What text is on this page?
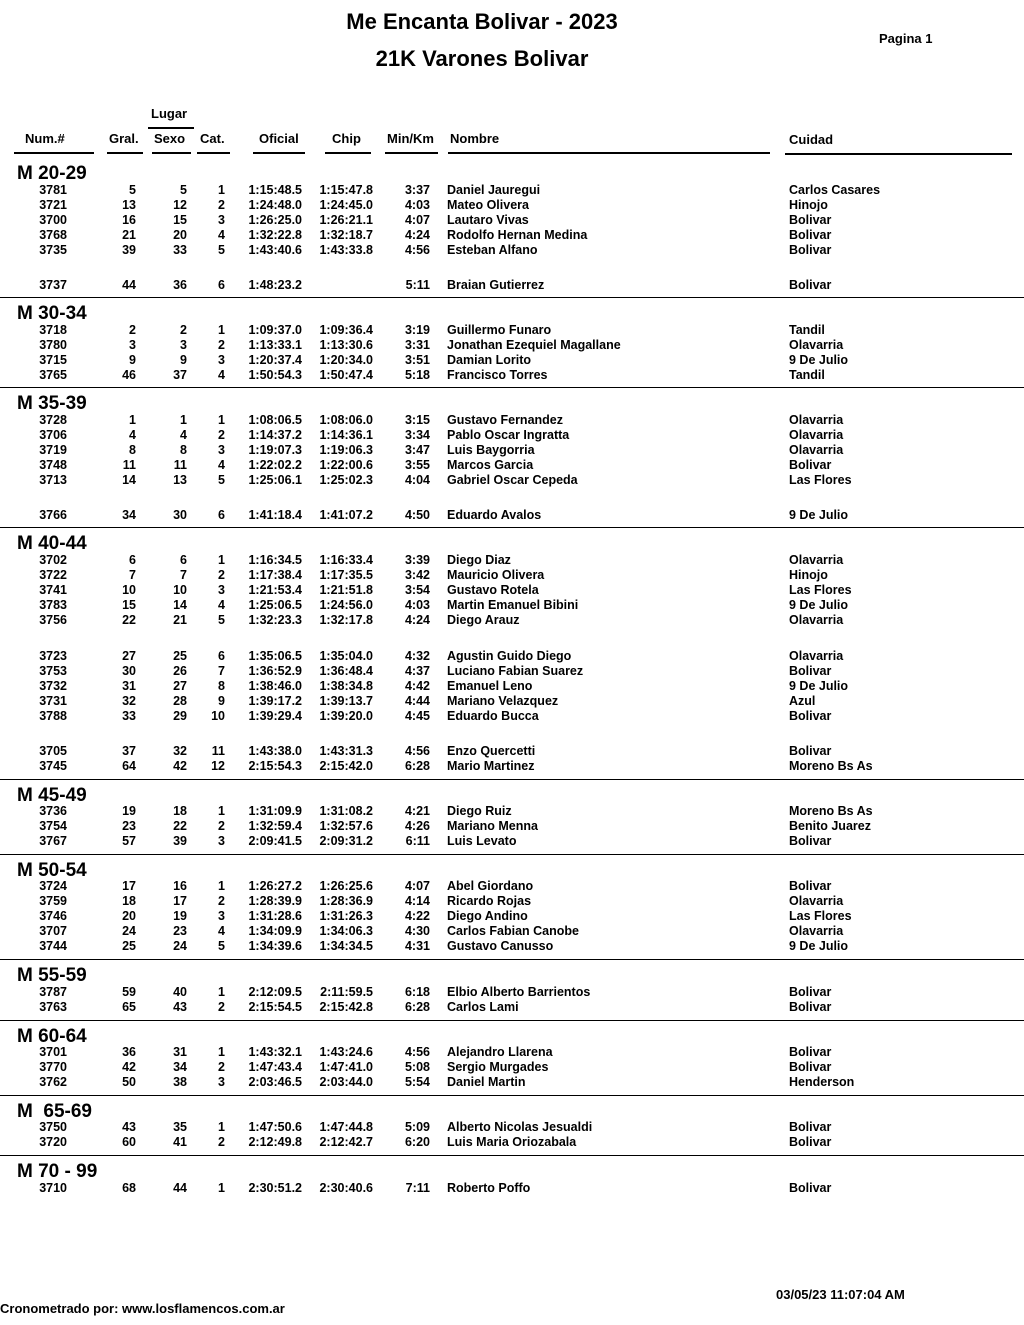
Me Encanta Bolivar - 2023
21K Varones Bolivar
Pagina 1
Lugar
Num.#	Gral. Sexo Cat.	Oficial	Chip Min/Km Nombre	Cuidad
M 20-29
3781	5	5 1 1:15:48.5 1:15:47.8	3:37 Daniel Jauregui	Carlos Casares
3721	13	12 2 1:24:48.0 1:24:45.0	4:03 Mateo Olivera	Hinojo
3700	16	15 3 1:26:25.0 1:26:21.1	4:07 Lautaro Vivas	Bolivar
3768	21	20 4 1:32:22.8 1:32:18.7	4:24 Rodolfo Hernan Medina	Bolivar
3735	39	33 5 1:43:40.6 1:43:33.8	4:56 Esteban Alfano	Bolivar
3737	44	36 6 1:48:23.2	5:11 Braian Gutierrez	Bolivar
M 30-34
3718	2	2 1 1:09:37.0 1:09:36.4	3:19 Guillermo Funaro	Tandil
3780	3	3 2 1:13:33.1 1:13:30.6	3:31 Jonathan Ezequiel Magallane	Olavarria
3715	9	9 3 1:20:37.4 1:20:34.0	3:51 Damian Lorito	9 De Julio
3765	46	37 4 1:50:54.3 1:50:47.4	5:18 Francisco Torres	Tandil
M 35-39
3728	1	1 1 1:08:06.5 1:08:06.0	3:15 Gustavo Fernandez	Olavarria
3706	4	4 2 1:14:37.2 1:14:36.1	3:34 Pablo Oscar Ingratta	Olavarria
3719	8	8 3 1:19:07.3 1:19:06.3	3:47 Luis Baygorria	Olavarria
3748	11	11 4 1:22:02.2 1:22:00.6	3:55 Marcos Garcia	Bolivar
3713	14	13 5 1:25:06.1 1:25:02.3	4:04 Gabriel Oscar Cepeda	Las Flores
3766	34	30 6 1:41:18.4 1:41:07.2	4:50 Eduardo Avalos	9 De Julio
M 40-44
3702	6	6 1 1:16:34.5 1:16:33.4	3:39 Diego Diaz	Olavarria
3722	7	7 2 1:17:38.4 1:17:35.5	3:42 Mauricio Olivera	Hinojo
3741	10	10 3 1:21:53.4 1:21:51.8	3:54 Gustavo Rotela	Las Flores
3783	15	14 4 1:25:06.5 1:24:56.0	4:03 Martin Emanuel Bibini	9 De Julio
3756	22	21 5 1:32:23.3 1:32:17.8	4:24 Diego Arauz	Olavarria
3723	27	25 6 1:35:06.5 1:35:04.0	4:32 Agustin Guido Diego	Olavarria
3753	30	26 7 1:36:52.9 1:36:48.4	4:37 Luciano Fabian Suarez	Bolivar
3732	31	27 8 1:38:46.0 1:38:34.8	4:42 Emanuel Leno	9 De Julio
3731	32	28 9 1:39:17.2 1:39:13.7	4:44 Mariano Velazquez	Azul
3788	33	29 10 1:39:29.4 1:39:20.0	4:45 Eduardo Bucca	Bolivar
3705	37	32 11 1:43:38.0 1:43:31.3	4:56 Enzo Quercetti	Bolivar
3745	64	42 12 2:15:54.3 2:15:42.0	6:28 Mario Martinez	Moreno Bs As
M 45-49
3736	19	18 1 1:31:09.9 1:31:08.2	4:21 Diego Ruiz	Moreno Bs As
3754	23	22 2 1:32:59.4 1:32:57.6	4:26 Mariano Menna	Benito Juarez
3767	57	39 3 2:09:41.5 2:09:31.2	6:11 Luis Levato	Bolivar
M 50-54
3724	17	16 1 1:26:27.2 1:26:25.6	4:07 Abel Giordano	Bolivar
3759	18	17 2 1:28:39.9 1:28:36.9	4:14 Ricardo Rojas	Olavarria
3746	20	19 3 1:31:28.6 1:31:26.3	4:22 Diego Andino	Las Flores
3707	24	23 4 1:34:09.9 1:34:06.3	4:30 Carlos Fabian Canobe	Olavarria
3744	25	24 5 1:34:39.6 1:34:34.5	4:31 Gustavo Canusso	9 De Julio
M 55-59
3787	59	40 1 2:12:09.5 2:11:59.5	6:18 Elbio Alberto Barrientos	Bolivar
3763	65	43 2 2:15:54.5 2:15:42.8	6:28 Carlos Lami	Bolivar
M 60-64
3701	36	31 1 1:43:32.1 1:43:24.6	4:56 Alejandro Llarena	Bolivar
3770	42	34 2 1:47:43.4 1:47:41.0	5:08 Sergio Murgades	Bolivar
3762	50	38 3 2:03:46.5 2:03:44.0	5:54 Daniel Martin	Henderson
M  65-69
3750	43	35 1 1:47:50.6 1:47:44.8	5:09 Alberto Nicolas Jesualdi	Bolivar
3720	60	41 2 2:12:49.8 2:12:42.7	6:20 Luis Maria Oriozabala	Bolivar
M 70 - 99
3710	68	44 1 2:30:51.2 2:30:40.6	7:11 Roberto Poffo	Bolivar
03/05/23 11:07:04 AM
Cronometrado por: www.losflamencos.com.ar
